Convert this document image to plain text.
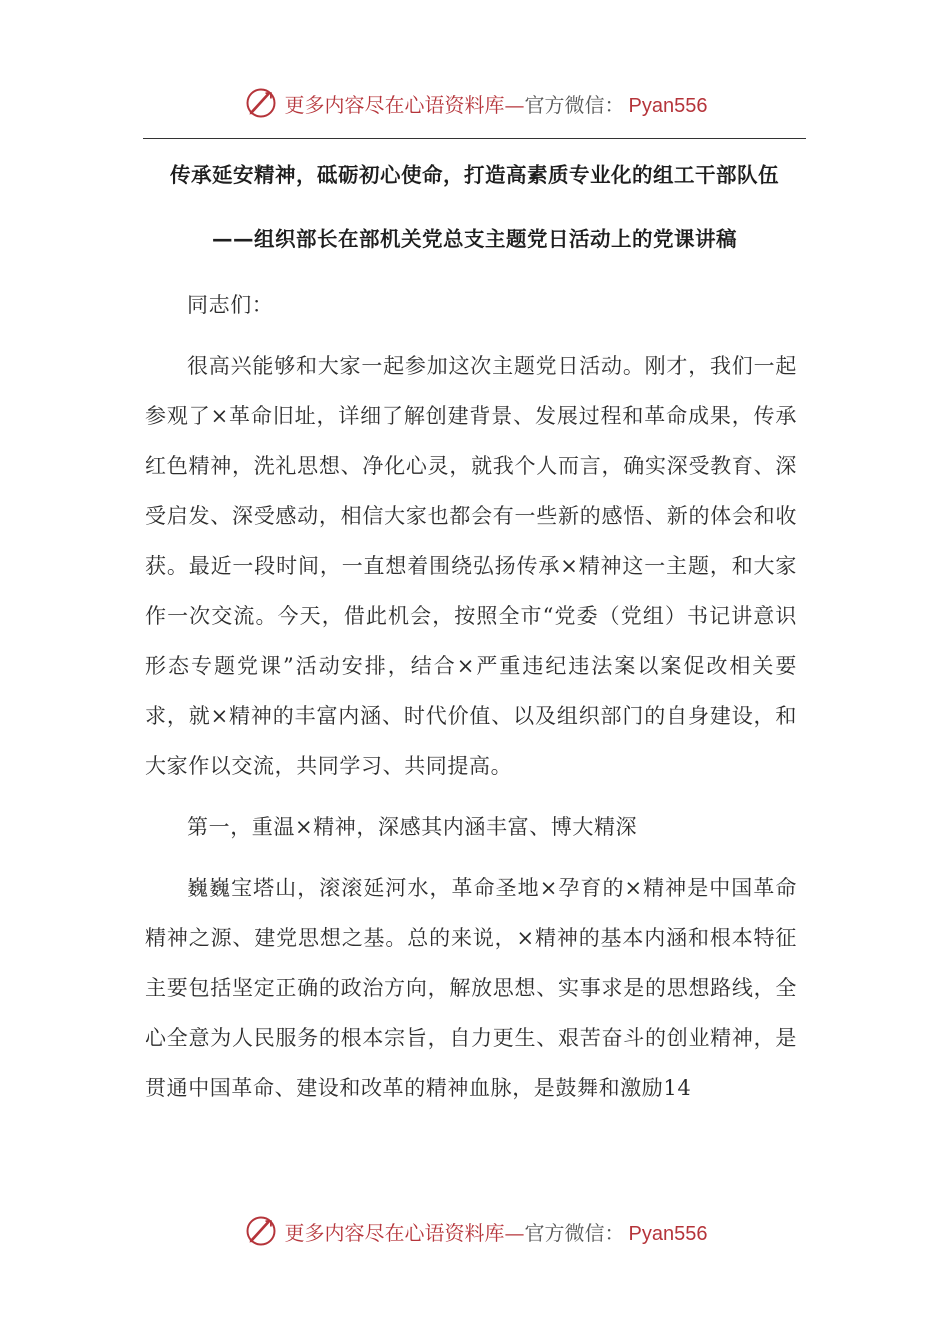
更多内容尽在心语资料库—官方微信： Pyan556
传承延安精神，砥砺初心使命，打造高素质专业化的组工干部队伍
——组织部长在部机关党总支主题党日活动上的党课讲稿

同志们：

很高兴能够和大家一起参加这次主题党日活动。刚才，我们一起参观了×革命旧址，详细了解创建背景、发展过程和革命成果，传承红色精神，洗礼思想、净化心灵，就我个人而言，确实深受教育、深受启发、深受感动，相信大家也都会有一些新的感悟、新的体会和收获。最近一段时间，一直想着围绕弘扬传承×精神这一主题，和大家作一次交流。今天，借此机会，按照全市“党委（党组）书记讲意识形态专题党课”活动安排，结合×严重违纪违法案以案促改相关要求，就×精神的丰富内涵、时代价值、以及组织部门的自身建设，和大家作以交流，共同学习、共同提高。

第一，重温×精神，深感其内涵丰富、博大精深

巍巍宝塔山，滚滚延河水，革命圣地×孕育的×精神是中国革命精神之源、建党思想之基。总的来说，×精神的基本内涵和根本特征主要包括坚定正确的政治方向，解放思想、实事求是的思想路线，全心全意为人民服务的根本宗旨，自力更生、艰苦奋斗的创业精神，是贯通中国革命、建设和改革的精神血脉，是鼓舞和激励14

更多内容尽在心语资料库—官方微信： Pyan556
